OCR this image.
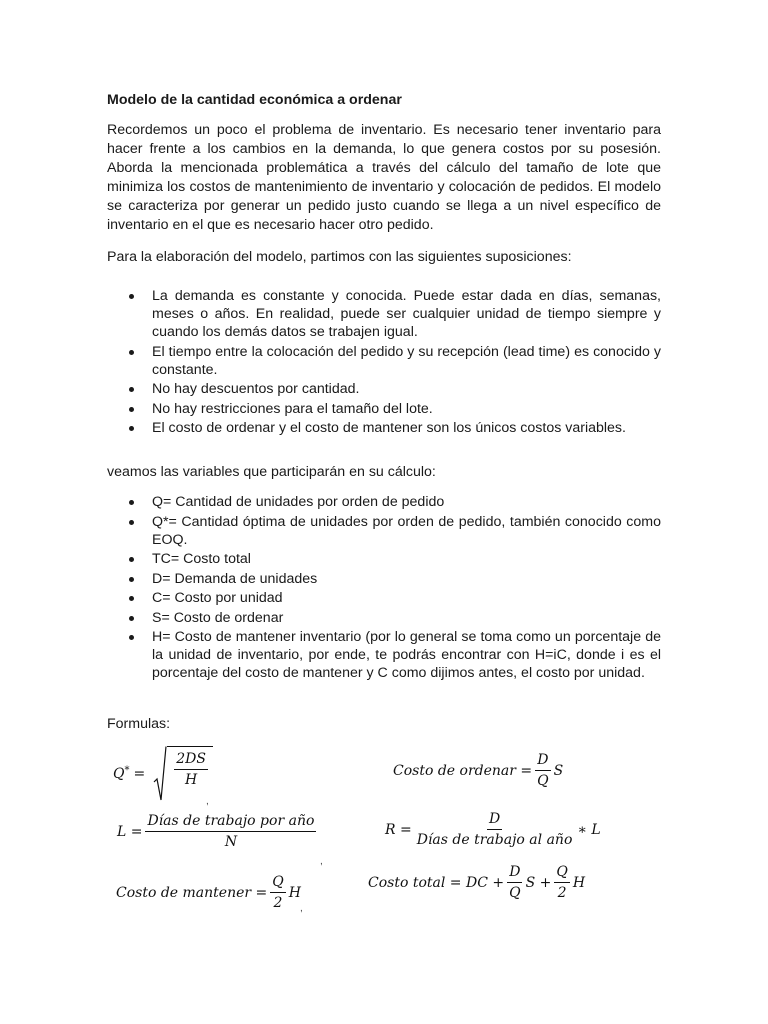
Modelo de la cantidad económica a ordenar

Recordemos un poco el problema de inventario. Es necesario tener inventario para hacer frente a los cambios en la demanda, lo que genera costos por su posesión. Aborda la mencionada problemática a través del cálculo del tamaño de lote que minimiza los costos de mantenimiento de inventario y colocación de pedidos. El modelo se caracteriza por generar un pedido justo cuando se llega a un nivel específico de inventario en el que es necesario hacer otro pedido.

Para la elaboración del modelo, partimos con las siguientes suposiciones:

La demanda es constante y conocida. Puede estar dada en días, semanas, meses o años. En realidad, puede ser cualquier unidad de tiempo siempre y cuando los demás datos se trabajen igual.
El tiempo entre la colocación del pedido y su recepción (lead time) es conocido y constante.
No hay descuentos por cantidad.
No hay restricciones para el tamaño del lote.
El costo de ordenar y el costo de mantener son los únicos costos variables.

veamos las variables que participarán en su cálculo:

Q= Cantidad de unidades por orden de pedido
Q*= Cantidad óptima de unidades por orden de pedido, también conocido como EOQ.
TC= Costo total
D= Demanda de unidades
C= Costo por unidad
S= Costo de ordenar
H= Costo de mantener inventario (por lo general se toma como un porcentaje de la unidad de inventario, por ende, te podrás encontrar con H=iC, donde i es el porcentaje del costo de mantener y C como dijimos antes, el costo por unidad.

Formulas:

$Q^* = \frac{2DS}{H}$
,
Costo de ordenar = $\frac{D}{Q}$ S
$L = \frac{\text{Días de trabajo por año}}{N}$
,
$R = \frac{D}{\text{Días de trabajo al año}}$ ∗ L
Costo de mantener = $\frac{Q}{2}$ H
,
Costo total = DC + $\frac{D}{Q}$ $S + \frac{Q}{2}$ H
